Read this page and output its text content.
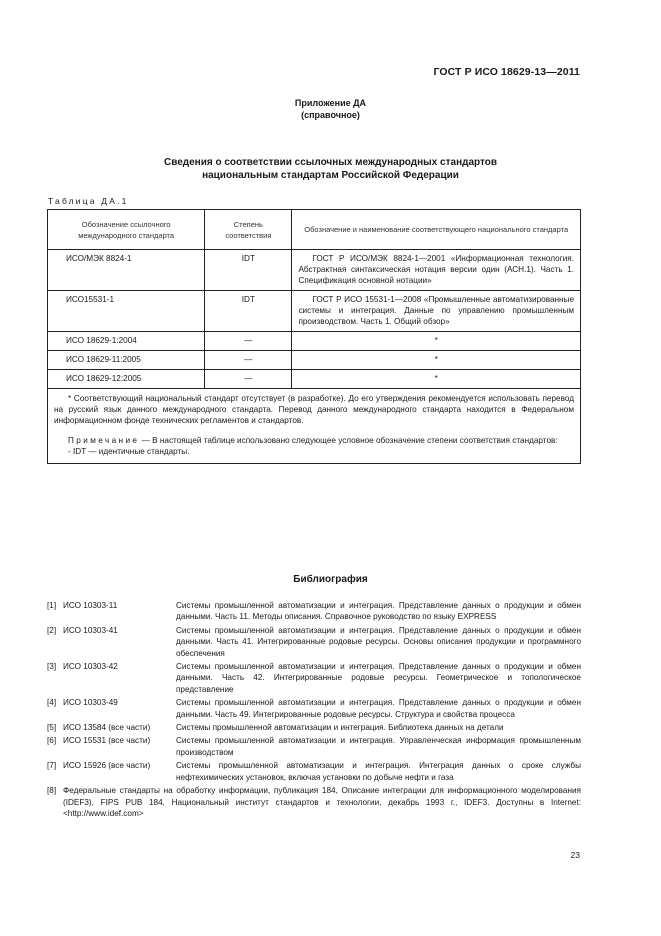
ГОСТ Р ИСО 18629-13—2011
Приложение ДА
(справочное)
Сведения о соответствии ссылочных международных стандартов
национальным стандартам Российской Федерации
Таблица ДА.1
Обозначение ссылочного международного стандарта	Степень соответствия	Обозначение и наименование соответствующего национального стандарта
ИСО/МЭК 8824-1	IDT	ГОСТ Р ИСО/МЭК 8824-1—2001 «Информационная технология. Абстрактная синтаксическая нотация версии один (АСН.1). Часть 1. Спецификация основной нотации»
ИСО15531-1	IDT	ГОСТ Р ИСО 15531-1—2008 «Промышленные автоматизированные системы и интеграция. Данные по управлению промышленным производством. Часть 1. Общий обзор»
ИСО 18629-1:2004	—	*
ИСО 18629-11:2005	—	*
ИСО 18629-12:2005	—	*

* Соответствующий национальный стандарт отсутствует (в разработке). До его утверждения рекомендуется использовать перевод на русский язык данного международного стандарта. Перевод данного международного стандарта находится в Федеральном информационном фонде технических регламентов и стандартов.

Примечание — В настоящей таблице использовано следующее условное обозначение степени соответствия стандартов:

- IDT — идентичные стандарты.		

Библиография
[1] ИСО 10303-11	Системы промышленной автоматизации и интеграция. Представление данных о продукции и обмен данными. Часть 11. Методы описания. Справочное руководство по языку EXPRESS
[2] ИСО 10303-41	Системы промышленной автоматизации и интеграция. Представление данных о продукции и обмен данными. Часть 41. Интегрированные родовые ресурсы. Основы описания продукции и программного обеспечения
[3] ИСО 10303-42	Системы промышленной автоматизации и интеграция. Представление данных о продукции и обмен данными. Часть 42. Интегрированные родовые ресурсы. Геометрическое и топологическое представление
[4] ИСО 10303-49	Системы промышленной автоматизации и интеграция. Представление данных о продукции и обмен данными. Часть 49. Интегрированные родовые ресурсы. Структура и свойства процесса
[5] ИСО 13584 (все части)	Системы промышленной автоматизации и интеграция. Библиотека данных на детали
[6] ИСО 15531 (все части)	Системы промышленной автоматизации и интеграция. Управленческая информация промышленным производством
[7] ИСО 15926 (все части)	Системы промышленной автоматизации и интеграция. Интеграция данных о сроке службы нефтехимических установок, включая установки по добыче нефти и газа
[8] Федеральные стандарты на обработку информации, публикация 184, Описание интеграции для информационного моделирования (IDEF3), FIPS PUB 184, Национальный институт стандартов и технологии, декабрь 1993 г., IDEF3. Доступны в Internet: <http://www.idef.com>
23
